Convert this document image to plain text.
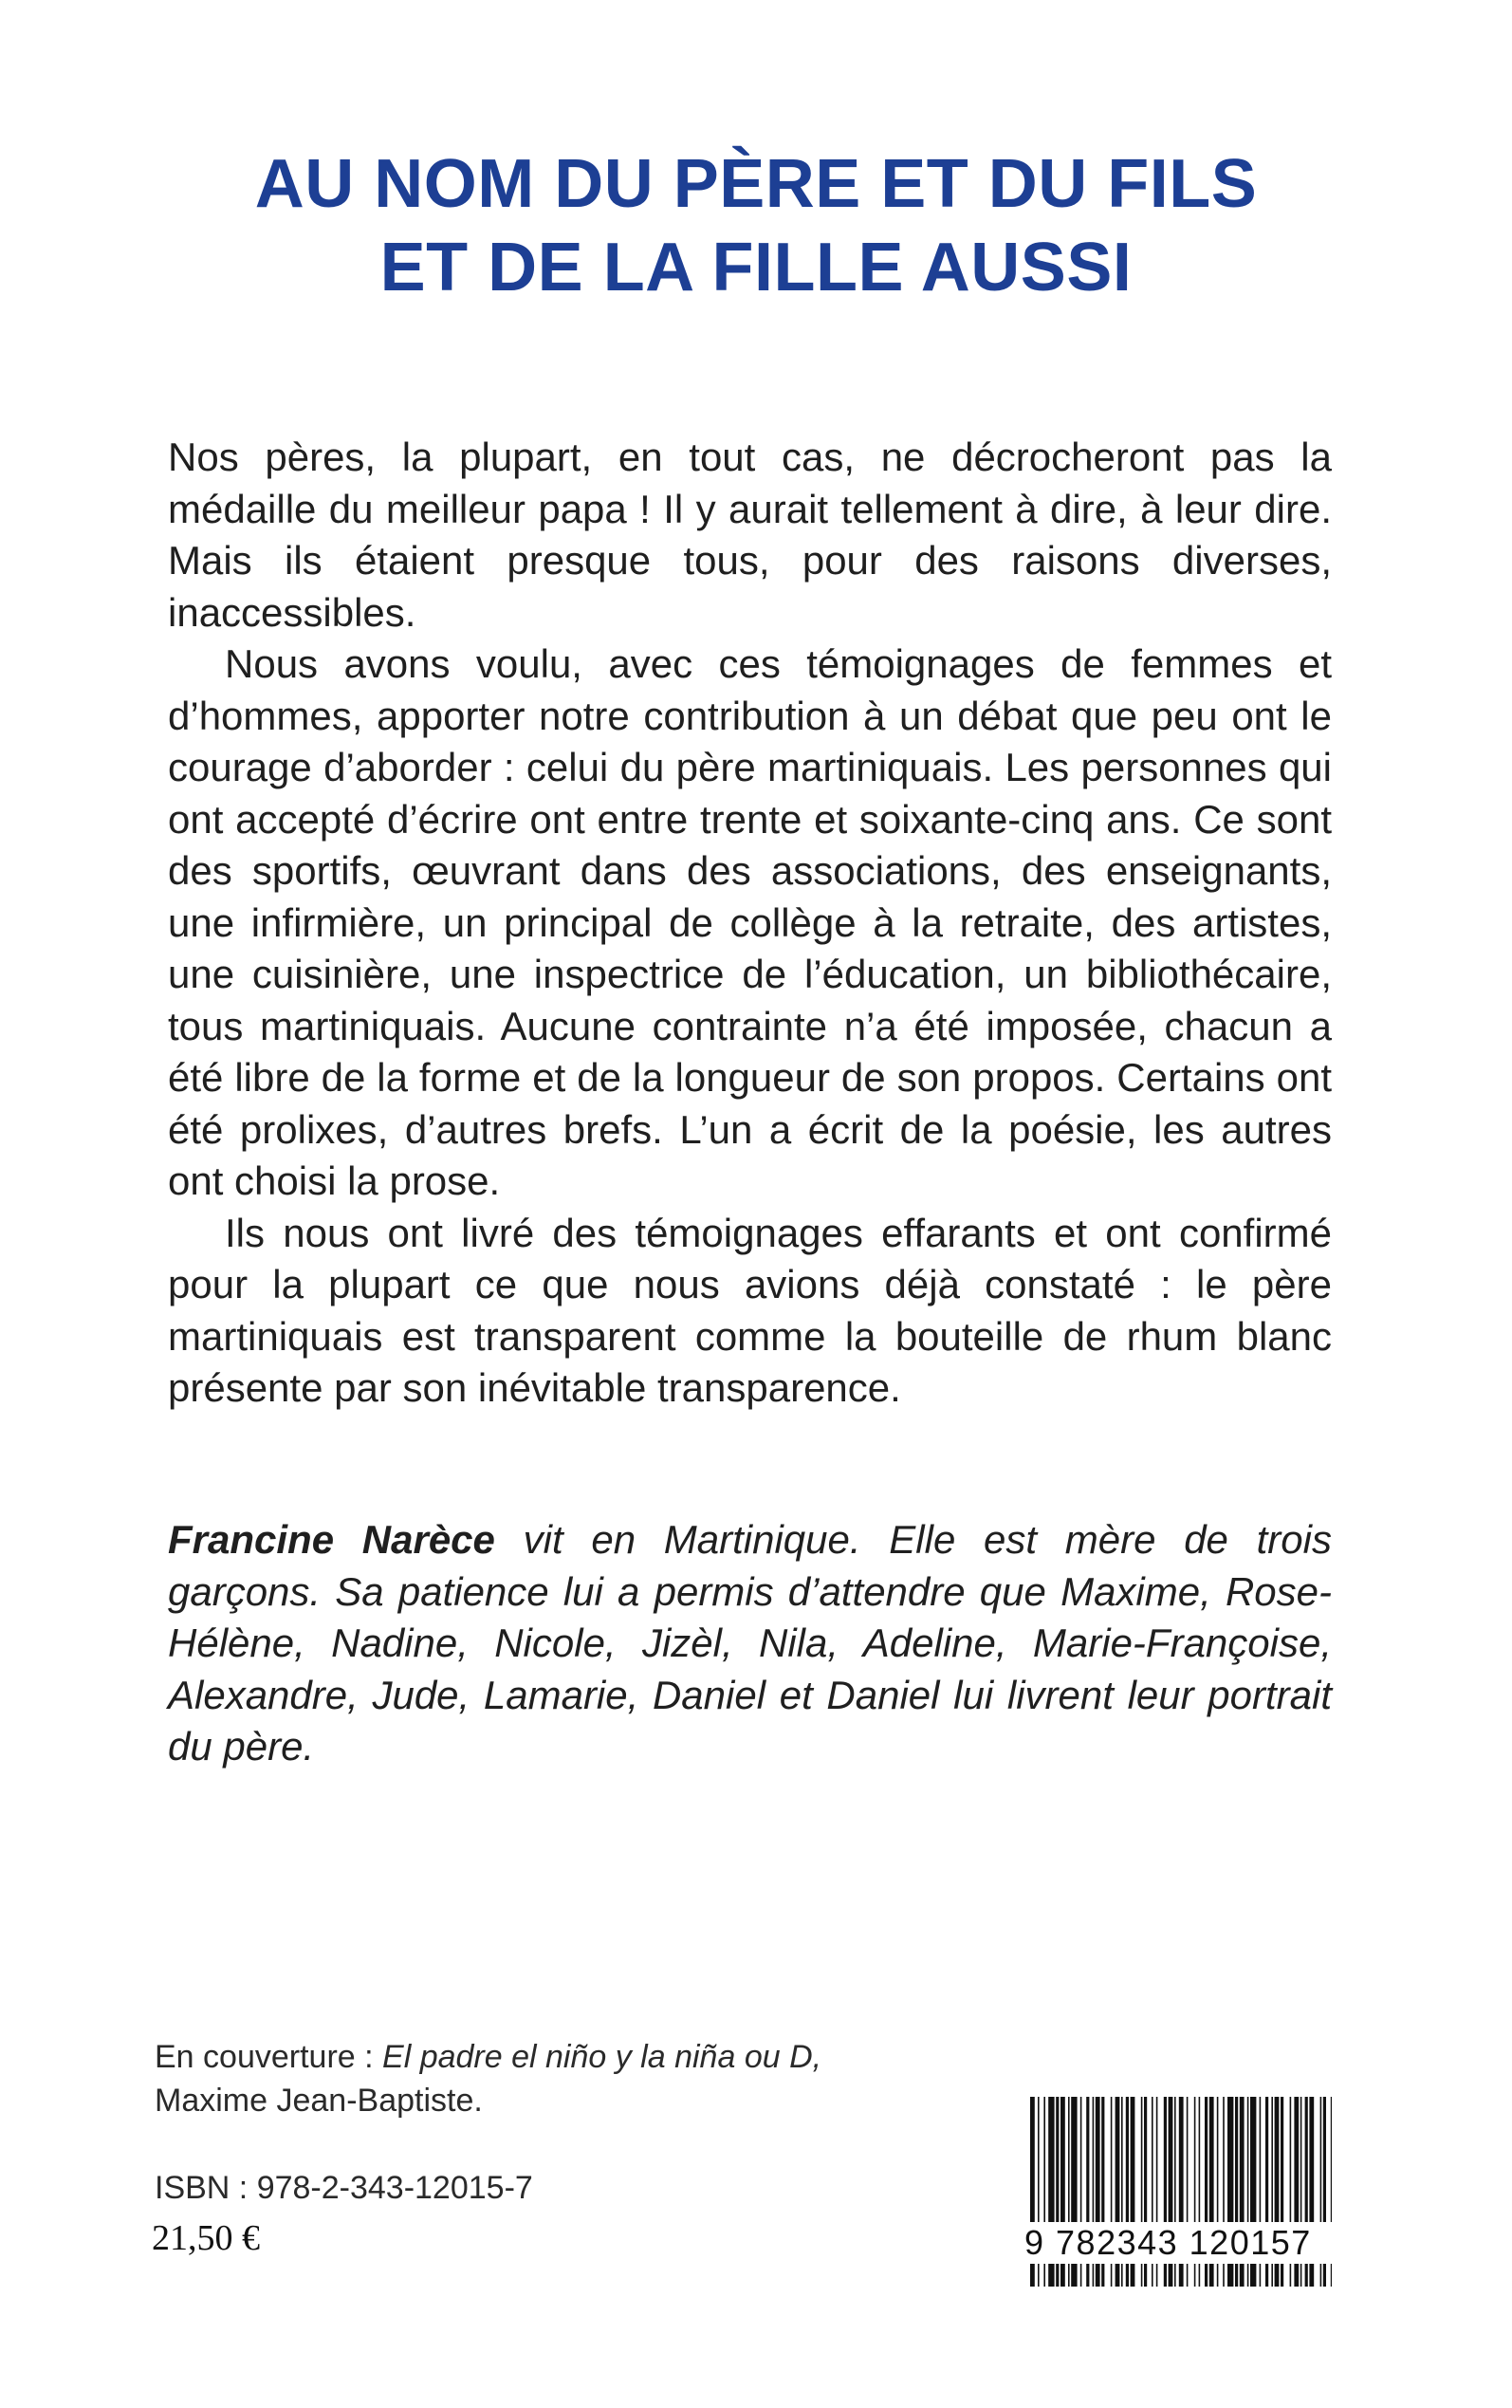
AU NOM DU PÈRE ET DU FILS
ET DE LA FILLE AUSSI

Nos pères, la plupart, en tout cas, ne décrocheront pas la médaille du meilleur papa ! Il y aurait tellement à dire, à leur dire. Mais ils étaient presque tous, pour des raisons diverses, inaccessibles.

Nous avons voulu, avec ces témoignages de femmes et d’hommes, apporter notre contribution à un débat que peu ont le courage d’aborder : celui du père martiniquais. Les personnes qui ont accepté d’écrire ont entre trente et soixante-cinq ans. Ce sont des sportifs, œuvrant dans des associations, des enseignants, une infirmière, un principal de collège à la retraite, des artistes, une cuisinière, une inspectrice de l’éducation, un bibliothécaire, tous martiniquais. Aucune contrainte n’a été imposée, chacun a été libre de la forme et de la longueur de son propos. Certains ont été prolixes, d’autres brefs. L’un a écrit de la poésie, les autres ont choisi la prose.

Ils nous ont livré des témoignages effarants et ont confirmé pour la plupart ce que nous avions déjà constaté : le père martiniquais est transparent comme la bouteille de rhum blanc présente par son inévitable transparence.

Francine Narèce vit en Martinique. Elle est mère de trois garçons. Sa patience lui a permis d’attendre que Maxime, Rose-Hélène, Nadine, Nicole, Jizèl, Nila, Adeline, Marie-Françoise, Alexandre, Jude, Lamarie, Daniel et Daniel lui livrent leur portrait du père.
En couverture : El padre el niño y la niña ou D,
Maxime Jean-Baptiste.
ISBN : 978-2-343-12015-7
21,50 €	9 782343 120157
